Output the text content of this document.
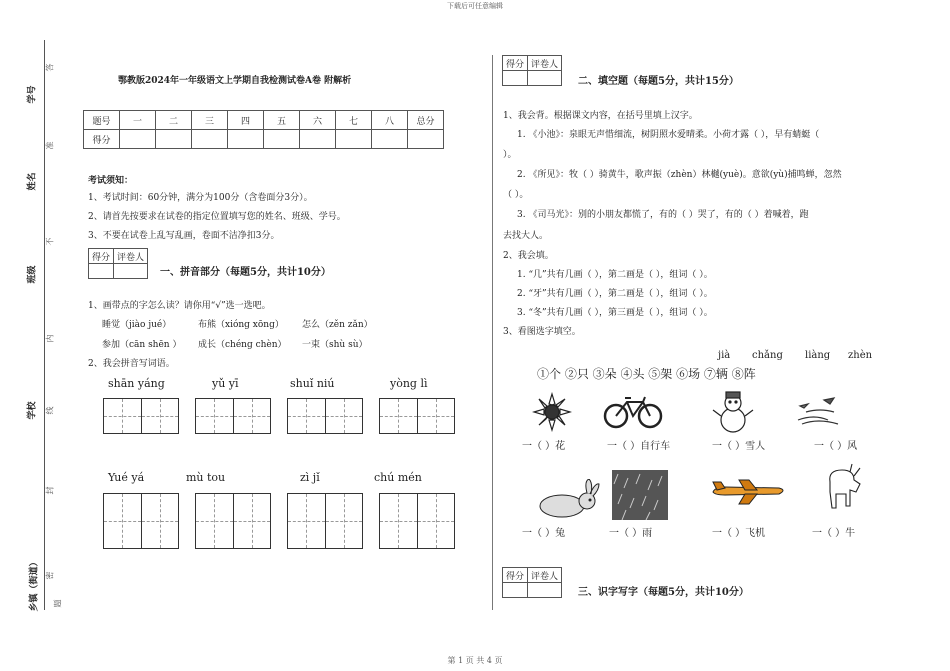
下载后可任意编辑
第 1 页 共 4 页
学号
姓名
班级
学校
乡镇（街道）
答
准
不
内
线
封
密
题
鄂教版2024年一年级语文上学期自我检测试卷A卷 附解析
题号	一	二	三	四	五	六	七	八	总分
得分									
考试须知：
1、考试时间：60分钟，满分为100分（含卷面分3分）。
2、请首先按要求在试卷的指定位置填写您的姓名、班级、学号。
3、不要在试卷上乱写乱画，卷面不洁净扣3分。
得分	评卷人

一、拼音部分（每题5分，共计10分）
1、画带点的字怎么读？请你用“√”选一选吧。
睡觉（jiào jué）	布熊（xióng xōng） 怎么（zěn zǎn）
参加（cān shēn ） 成长（chéng chèn） 一束（shù sù）
2、我会拼音写词语。
shān yáng	yǔ yī	shuǐ niú	yòng lì
Yué yá	mù tou	zì jǐ	chú mén
得分	评卷人

二、填空题（每题5分，共计15分）
1、我会背。根据课文内容，在括号里填上汉字。
1. 《小池》：泉眼无声惜细流，树阴照水爱晴柔。小荷才露（ ），早有蜻蜓（
）。
2. 《所见》：牧（ ）骑黄牛，歌声振（zhèn）林樾(yuè)。意欲(yù)捕鸣蝉，忽然
（ ）。
3. 《司马光》：别的小朋友都慌了，有的（ ）哭了，有的（ ）着喊着，跑
去找大人。
2、我会填。
1. “几”共有几画（ ），第二画是（ ），组词（ ）。
2. “牙”共有几画（ ），第二画是（ ），组词（ ）。
3. “冬”共有几画（ ），第三画是（ ），组词（ ）。
3、看图选字填空。
jià chǎng liàng zhèn
①个 ②只 ③朵 ④头 ⑤架 ⑥场 ⑦辆 ⑧阵
一（ ）花	一（ ）自行车	一（ ）雪人	一（ ）风
一（ ）兔	一（ ）雨	一（ ）飞机	一（ ）牛
得分	评卷人

三、识字写字（每题5分，共计10分）
